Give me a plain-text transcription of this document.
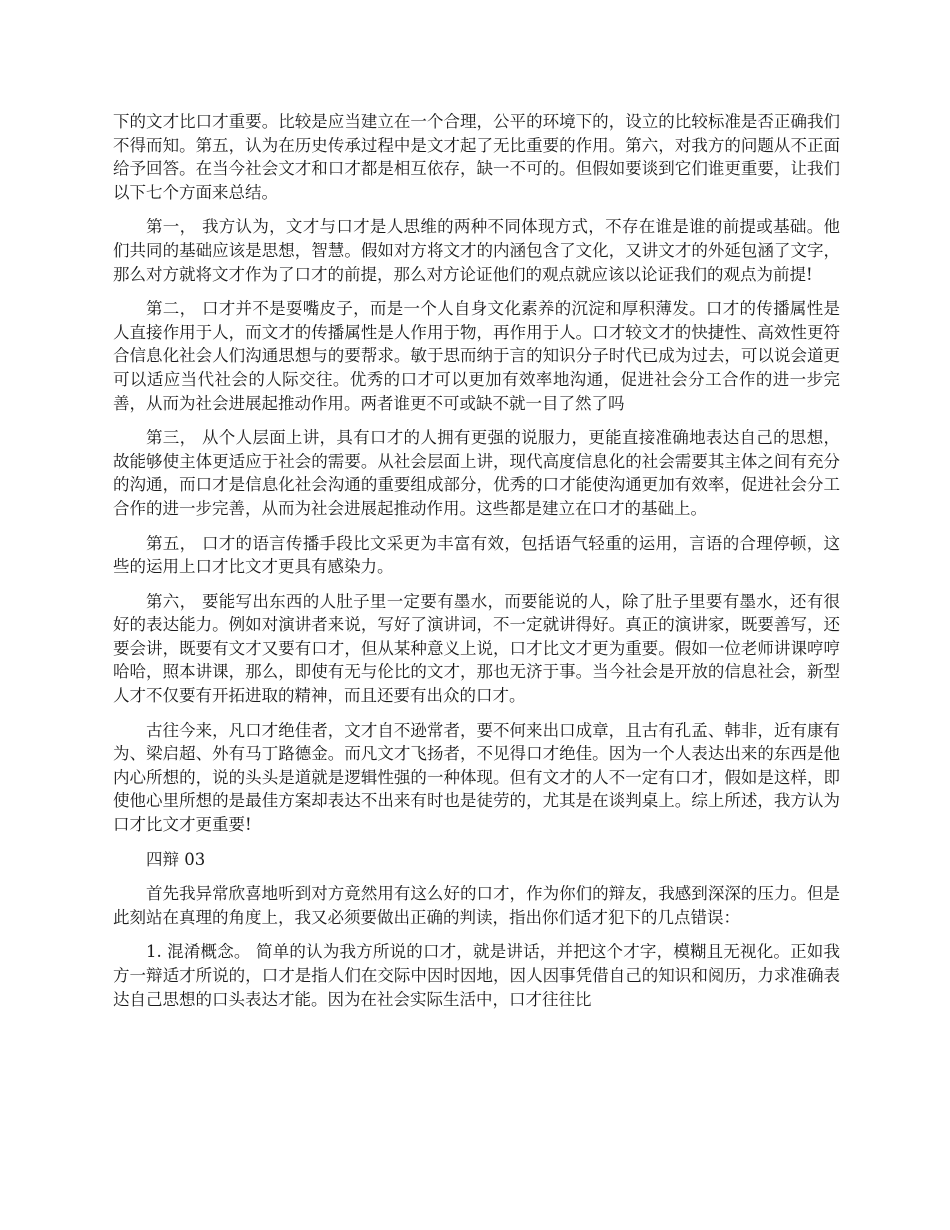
下的文才比口才重要。比较是应当建立在一个合理，公平的环境下的，设立的比较标准是否正确我们不得而知。第五，认为在历史传承过程中是文才起了无比重要的作用。第六，对我方的问题从不正面给予回答。在当今社会文才和口才都是相互依存，缺一不可的。但假如要谈到它们谁更重要，让我们以下七个方面来总结。

第一， 我方认为，文才与口才是人思维的两种不同体现方式，不存在谁是谁的前提或基础。他们共同的基础应该是思想，智慧。假如对方将文才的内涵包含了文化，又讲文才的外延包涵了文字，那么对方就将文才作为了口才的前提，那么对方论证他们的观点就应该以论证我们的观点为前提!

第二， 口才并不是耍嘴皮子，而是一个人自身文化素养的沉淀和厚积薄发。口才的传播属性是人直接作用于人，而文才的传播属性是人作用于物，再作用于人。口才较文才的快捷性、高效性更符合信息化社会人们沟通思想与的要帮求。敏于思而纳于言的知识分子时代已成为过去，可以说会道更可以适应当代社会的人际交往。优秀的口才可以更加有效率地沟通，促进社会分工合作的进一步完善，从而为社会进展起推动作用。两者谁更不可或缺不就一目了然了吗

第三， 从个人层面上讲，具有口才的人拥有更强的说服力，更能直接准确地表达自己的思想，故能够使主体更适应于社会的需要。从社会层面上讲，现代高度信息化的社会需要其主体之间有充分的沟通，而口才是信息化社会沟通的重要组成部分，优秀的口才能使沟通更加有效率，促进社会分工合作的进一步完善，从而为社会进展起推动作用。这些都是建立在口才的基础上。

第五， 口才的语言传播手段比文采更为丰富有效，包括语气轻重的运用，言语的合理停顿，这些的运用上口才比文才更具有感染力。

第六， 要能写出东西的人肚子里一定要有墨水，而要能说的人，除了肚子里要有墨水，还有很好的表达能力。例如对演讲者来说，写好了演讲词，不一定就讲得好。真正的演讲家，既要善写，还要会讲，既要有文才又要有口才，但从某种意义上说，口才比文才更为重要。假如一位老师讲课哼哼哈哈，照本讲课，那么，即使有无与伦比的文才，那也无济于事。当今社会是开放的信息社会，新型人才不仅要有开拓进取的精神，而且还要有出众的口才。

古往今来，凡口才绝佳者，文才自不逊常者，要不何来出口成章，且古有孔孟、韩非，近有康有为、梁启超、外有马丁路德金。而凡文才飞扬者，不见得口才绝佳。因为一个人表达出来的东西是他内心所想的，说的头头是道就是逻辑性强的一种体现。但有文才的人不一定有口才，假如是这样，即使他心里所想的是最佳方案却表达不出来有时也是徒劳的，尤其是在谈判桌上。综上所述，我方认为 口才比文才更重要!

四辩 03

首先我异常欣喜地听到对方竟然用有这么好的口才，作为你们的辩友，我感到深深的压力。但是此刻站在真理的角度上，我又必须要做出正确的判读，指出你们适才犯下的几点错误：

1. 混淆概念。 简单的认为我方所说的口才，就是讲话，并把这个才字，模糊且无视化。正如我方一辩适才所说的，口才是指人们在交际中因时因地，因人因事凭借自己的知识和阅历，力求准确表达自己思想的口头表达才能。因为在社会实际生活中，口才往往比
